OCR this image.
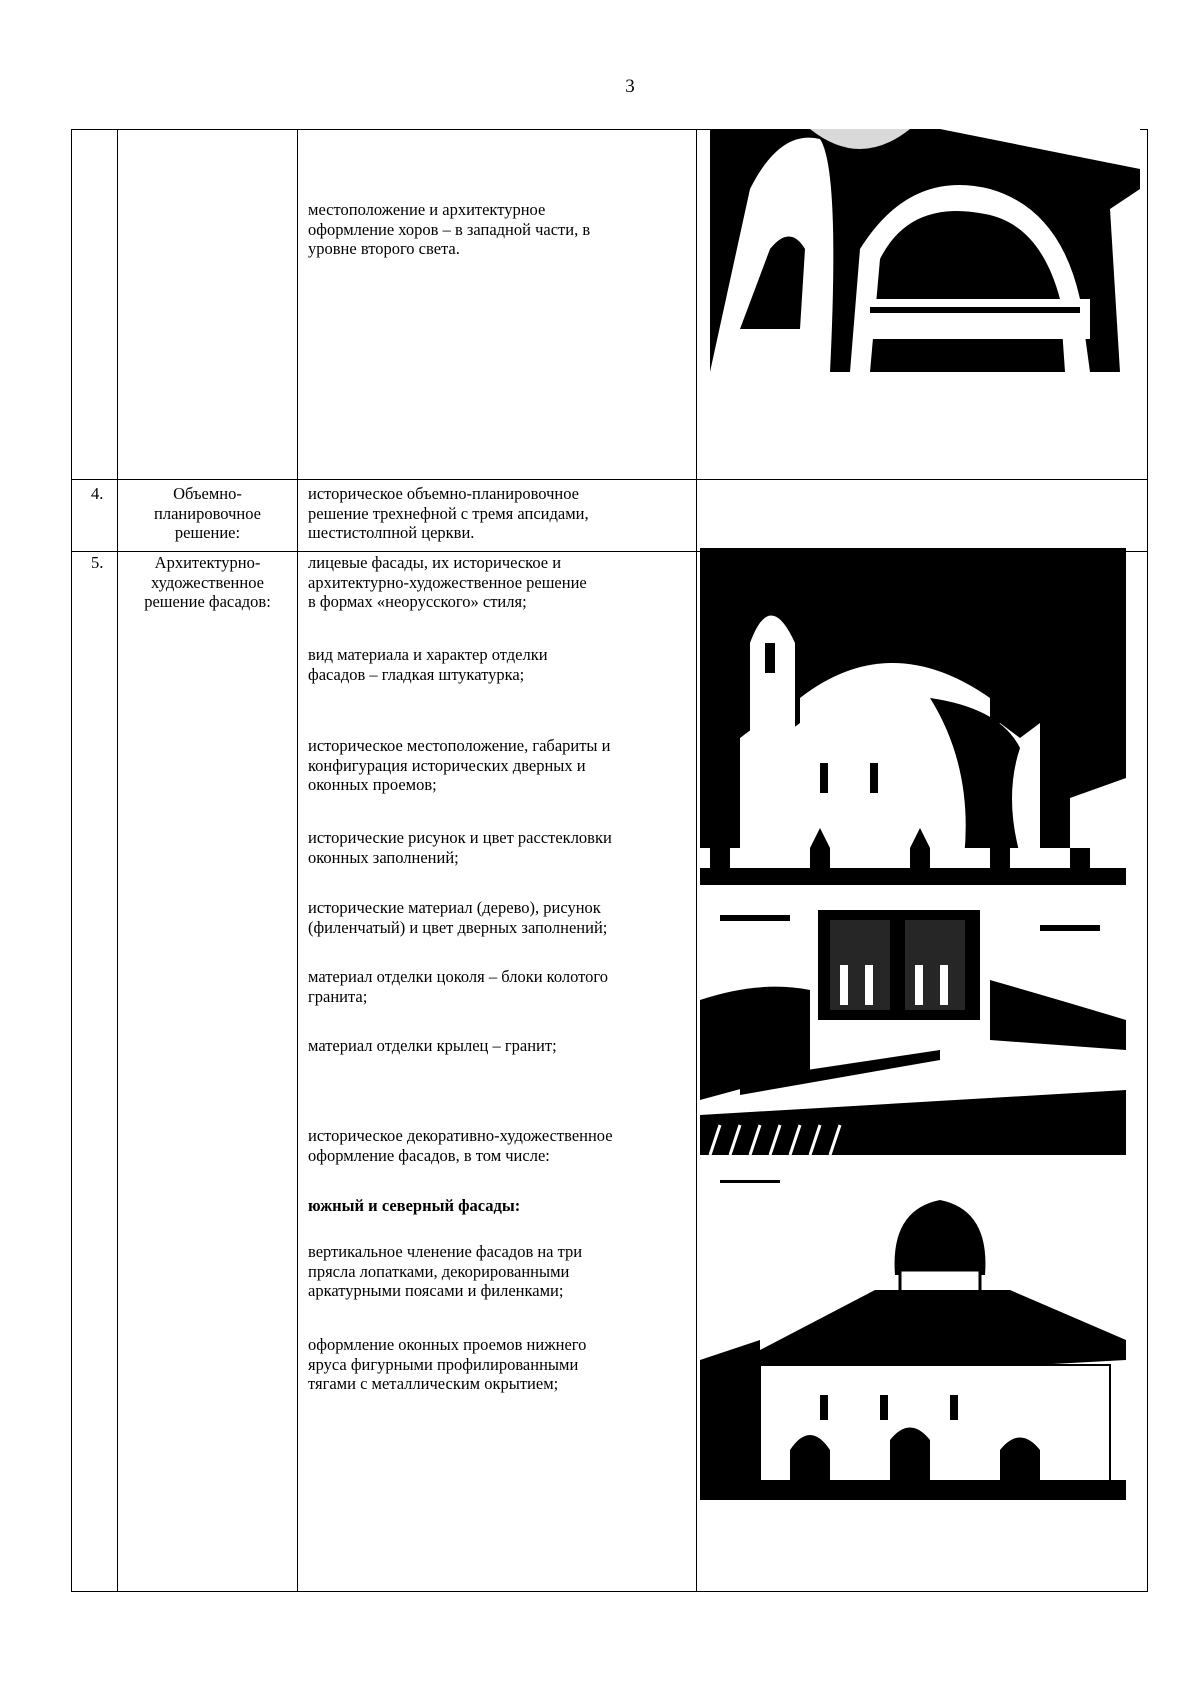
3
местоположение и архитектурное
оформление хоров – в западной части, в
уровне второго света.
4.	Объемно-
планировочное
решение:
историческое объемно-планировочное
решение трехнефной с тремя апсидами,
шестистолпной церкви.
5.	Архитектурно-
художественное
решение фасадов:
лицевые фасады, их историческое и
архитектурно-художественное решение
в формах «неорусского» стиля;
вид материала и характер отделки
фасадов – гладкая штукатурка;
историческое местоположение, габариты и
конфигурация исторических дверных и
оконных проемов;
исторические рисунок и цвет расстекловки
оконных заполнений;
исторические материал (дерево), рисунок
(филенчатый) и цвет дверных заполнений;
материал отделки цоколя – блоки колотого
гранита;
материал отделки крылец – гранит;
историческое декоративно-художественное
оформление фасадов, в том числе:
южный и северный фасады:
вертикальное членение фасадов на три
прясла лопатками, декорированными
аркатурными поясами и филенками;
оформление оконных проемов нижнего
яруса фигурными профилированными
тягами с металлическим окрытием;
